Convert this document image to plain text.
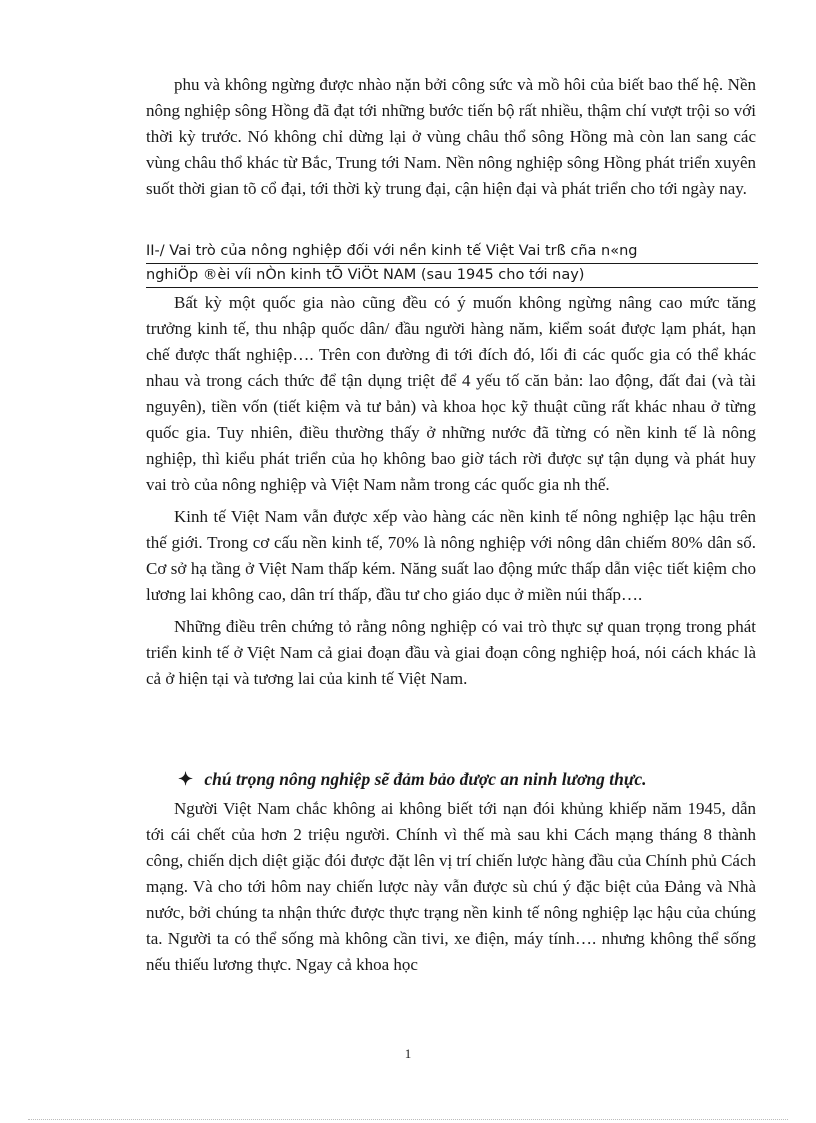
phu và không ngừng được nhào nặn bởi công sức và mồ hôi của biết bao thế hệ. Nền nông nghiệp sông Hồng đã đạt tới những bước tiến bộ rất nhiều, thậm chí vượt trội so với thời kỳ trước. Nó không chỉ dừng lại ở vùng châu thổ sông Hồng mà còn lan sang các vùng châu thổ khác từ Bắc, Trung tới Nam. Nền nông nghiệp sông Hồng phát triển xuyên suốt thời gian tõ cổ đại, tới thời kỳ trung đại, cận hiện đại và phát triển cho tới ngày nay.

II-/ Vai trò của nông nghiệp đối với nền kinh tế Việt Vai trß cña n«ng
nghiÖp ®èi víi nÒn kinh tÕ ViÖt NAM (sau 1945 cho tới nay)

Bất kỳ một quốc gia nào cũng đều có ý muốn không ngừng nâng cao mức tăng trưởng kinh tế, thu nhập quốc dân/ đầu người hàng năm, kiểm soát được lạm phát, hạn chế được thất nghiệp…. Trên con đường đi tới đích đó, lối đi các quốc gia có thể khác nhau và trong cách thức để tận dụng triệt để 4 yếu tố căn bản: lao động, đất đai (và tài nguyên), tiền vốn (tiết kiệm và tư bản) và khoa học kỹ thuật cũng rất khác nhau ở từng quốc gia. Tuy nhiên, điều thường thấy ở những nước đã từng có nền kinh tế là nông nghiệp, thì kiểu phát triển của họ không bao giờ tách rời được sự tận dụng và phát huy vai trò của nông nghiệp và Việt Nam nằm trong các quốc gia nh thế.

Kinh tế Việt Nam vẫn được xếp vào hàng các nền kinh tế nông nghiệp lạc hậu trên thế giới. Trong cơ cấu nền kinh tế, 70% là nông nghiệp với nông dân chiếm 80% dân số. Cơ sở hạ tầng ở Việt Nam thấp kém. Năng suất lao động mức thấp dẫn việc tiết kiệm cho lương lai không cao, dân trí thấp, đầu tư cho giáo dục ở miền núi thấp….

Những điều trên chứng tỏ rằng nông nghiệp có vai trò thực sự quan trọng trong phát triển kinh tế ở Việt Nam cả giai đoạn đầu và giai đoạn công nghiệp hoá, nói cách khác là cả ở hiện tại và tương lai của kinh tế Việt Nam.

✦ chú trọng nông nghiệp sẽ đảm bảo được an ninh lương thực.

Người Việt Nam chắc không ai không biết tới nạn đói khủng khiếp năm 1945, dẫn tới cái chết của hơn 2 triệu người. Chính vì thế mà sau khi Cách mạng tháng 8 thành công, chiến dịch diệt giặc đói được đặt lên vị trí chiến lược hàng đầu của Chính phủ Cách mạng. Và cho tới hôm nay chiến lược này vẫn được sù chú ý đặc biệt của Đảng và Nhà nước, bởi chúng ta nhận thức được thực trạng nền kinh tế nông nghiệp lạc hậu của chúng ta. Người ta có thể sống mà không cần tivi, xe điện, máy tính…. nhưng không thể sống nếu thiếu lương thực. Ngay cả khoa học

1
